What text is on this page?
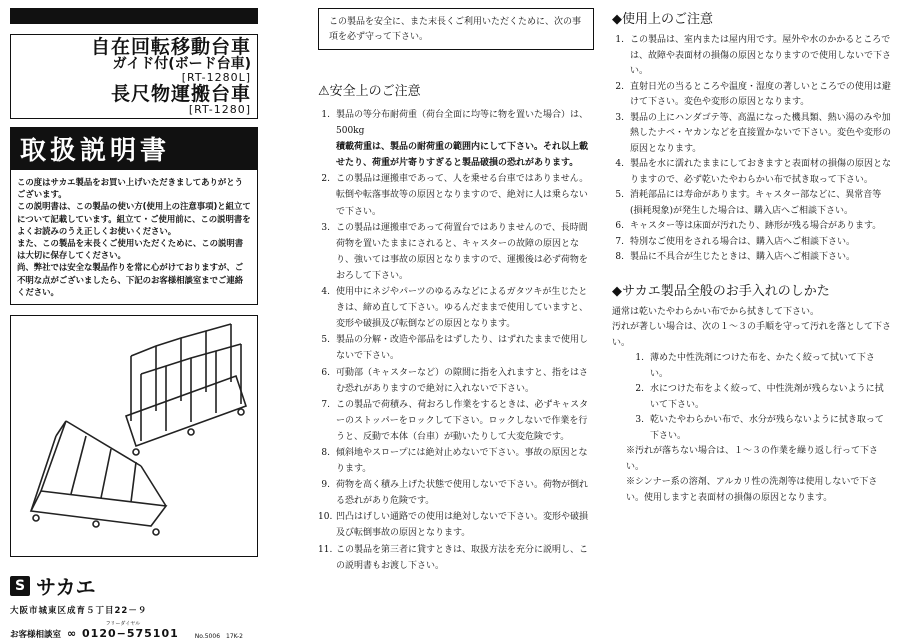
自在回転移動台車
ガイド付(ボード台車)
[RT-1280L]
長尺物運搬台車
[RT-1280]
取扱説明書
この度はサカエ製品をお買い上げいただきましてありがとうございます。
この説明書は、この製品の使い方(使用上の注意事項)と組立てについて記載しています。組立て・ご使用前に、この説明書をよくお読みのうえ正しくお使いください。
また、この製品を末長くご使用いただくために、この説明書は大切に保存してください。
尚、弊社では安全な製品作りを常に心がけておりますが、ご不明な点がございましたら、下記のお客様相談室までご連絡ください。
S サカエ
大阪市城東区成育５丁目22－９
お客様相談室
フリーダイヤル
∞ 0120−575101	No.5006　17K-2
この製品を安全に、また末長くご利用いただくために、次の事項を必ず守って下さい。
⚠安全上のご注意
1. 製品の等分布耐荷重（荷台全面に均等に物を置いた場合）は、　　　500kg
積載荷重は、製品の耐荷重の範囲内にして下さい。それ以上載せたり、荷重が片寄りすぎると製品破損の恐れがあります。
2. この製品は運搬車であって、人を乗せる台車ではありません。転倒や転落事故等の原因となりますので、絶対に人は乗らないで下さい。
3. この製品は運搬車であって荷置台ではありませんので、長時間荷物を置いたままにされると、キャスターの故障の原因となり、強いては事故の原因となりますので、運搬後は必ず荷物をおろして下さい。
4. 使用中にネジやパーツのゆるみなどによるガタツキが生じたときは、締め直して下さい。ゆるんだままで使用していますと、変形や破損及び転倒などの原因となります。
5. 製品の分解・改造や部品をはずしたり、はずれたままで使用しないで下さい。
6. 可動部（キャスターなど）の隙間に指を入れますと、指をはさむ恐れがありますので絶対に入れないで下さい。
7. この製品で荷積み、荷おろし作業をするときは、必ずキャスターのストッパーをロックして下さい。ロックしないで作業を行うと、反動で本体（台車）が動いたりして大変危険です。
8. 傾斜地やスロープには絶対止めないで下さい。事故の原因となります。
9. 荷物を高く積み上げた状態で使用しないで下さい。荷物が倒れる恐れがあり危険です。
10. 凹凸はげしい通路での使用は絶対しないで下さい。変形や破損及び転倒事故の原因となります。
11. この製品を第三者に貸すときは、取扱方法を充分に説明し、この説明書もお渡し下さい。
◆使用上のご注意
1. この製品は、室内または屋内用です。屋外や水のかかるところでは、故障や表面材の損傷の原因となりますので使用しないで下さい。
2. 直射日光の当るところや温度・湿度の著しいところでの使用は避けて下さい。変色や変形の原因となります。
3. 製品の上にハンダゴテ等、高温になった機具類、熱い湯のみや加熱したナベ・ヤカンなどを直接置かないで下さい。変色や変形の原因となります。
4. 製品を水に濡れたままにしておきますと表面材の損傷の原因となりますので、必ず乾いたやわらかい布で拭き取って下さい。
5. 消耗部品には寿命があります。キャスター部などに、異常音等(損耗現象)が発生した場合は、購入店へご相談下さい。
6. キャスター等は床面が汚れたり、跡形が残る場合があります。
7. 特別なご使用をされる場合は、購入店へご相談下さい。
8. 製品に不具合が生じたときは、購入店へご相談下さい。
◆サカエ製品全般のお手入れのしかた
通常は乾いたやわらかい布でから拭きして下さい。
汚れが著しい場合は、次の１～３の手順を守って汚れを落として下さい。
1. 薄めた中性洗剤につけた布を、かたく絞って拭いて下さい。
2. 水につけた布をよく絞って、中性洗剤が残らないように拭いて下さい。
3. 乾いたやわらかい布で、水分が残らないように拭き取って下さい。
※汚れが落ちない場合は、１～３の作業を繰り返し行って下さい。
※シンナー系の溶剤、アルカリ性の洗剤等は使用しないで下さい。使用しますと表面材の損傷の原因となります。
